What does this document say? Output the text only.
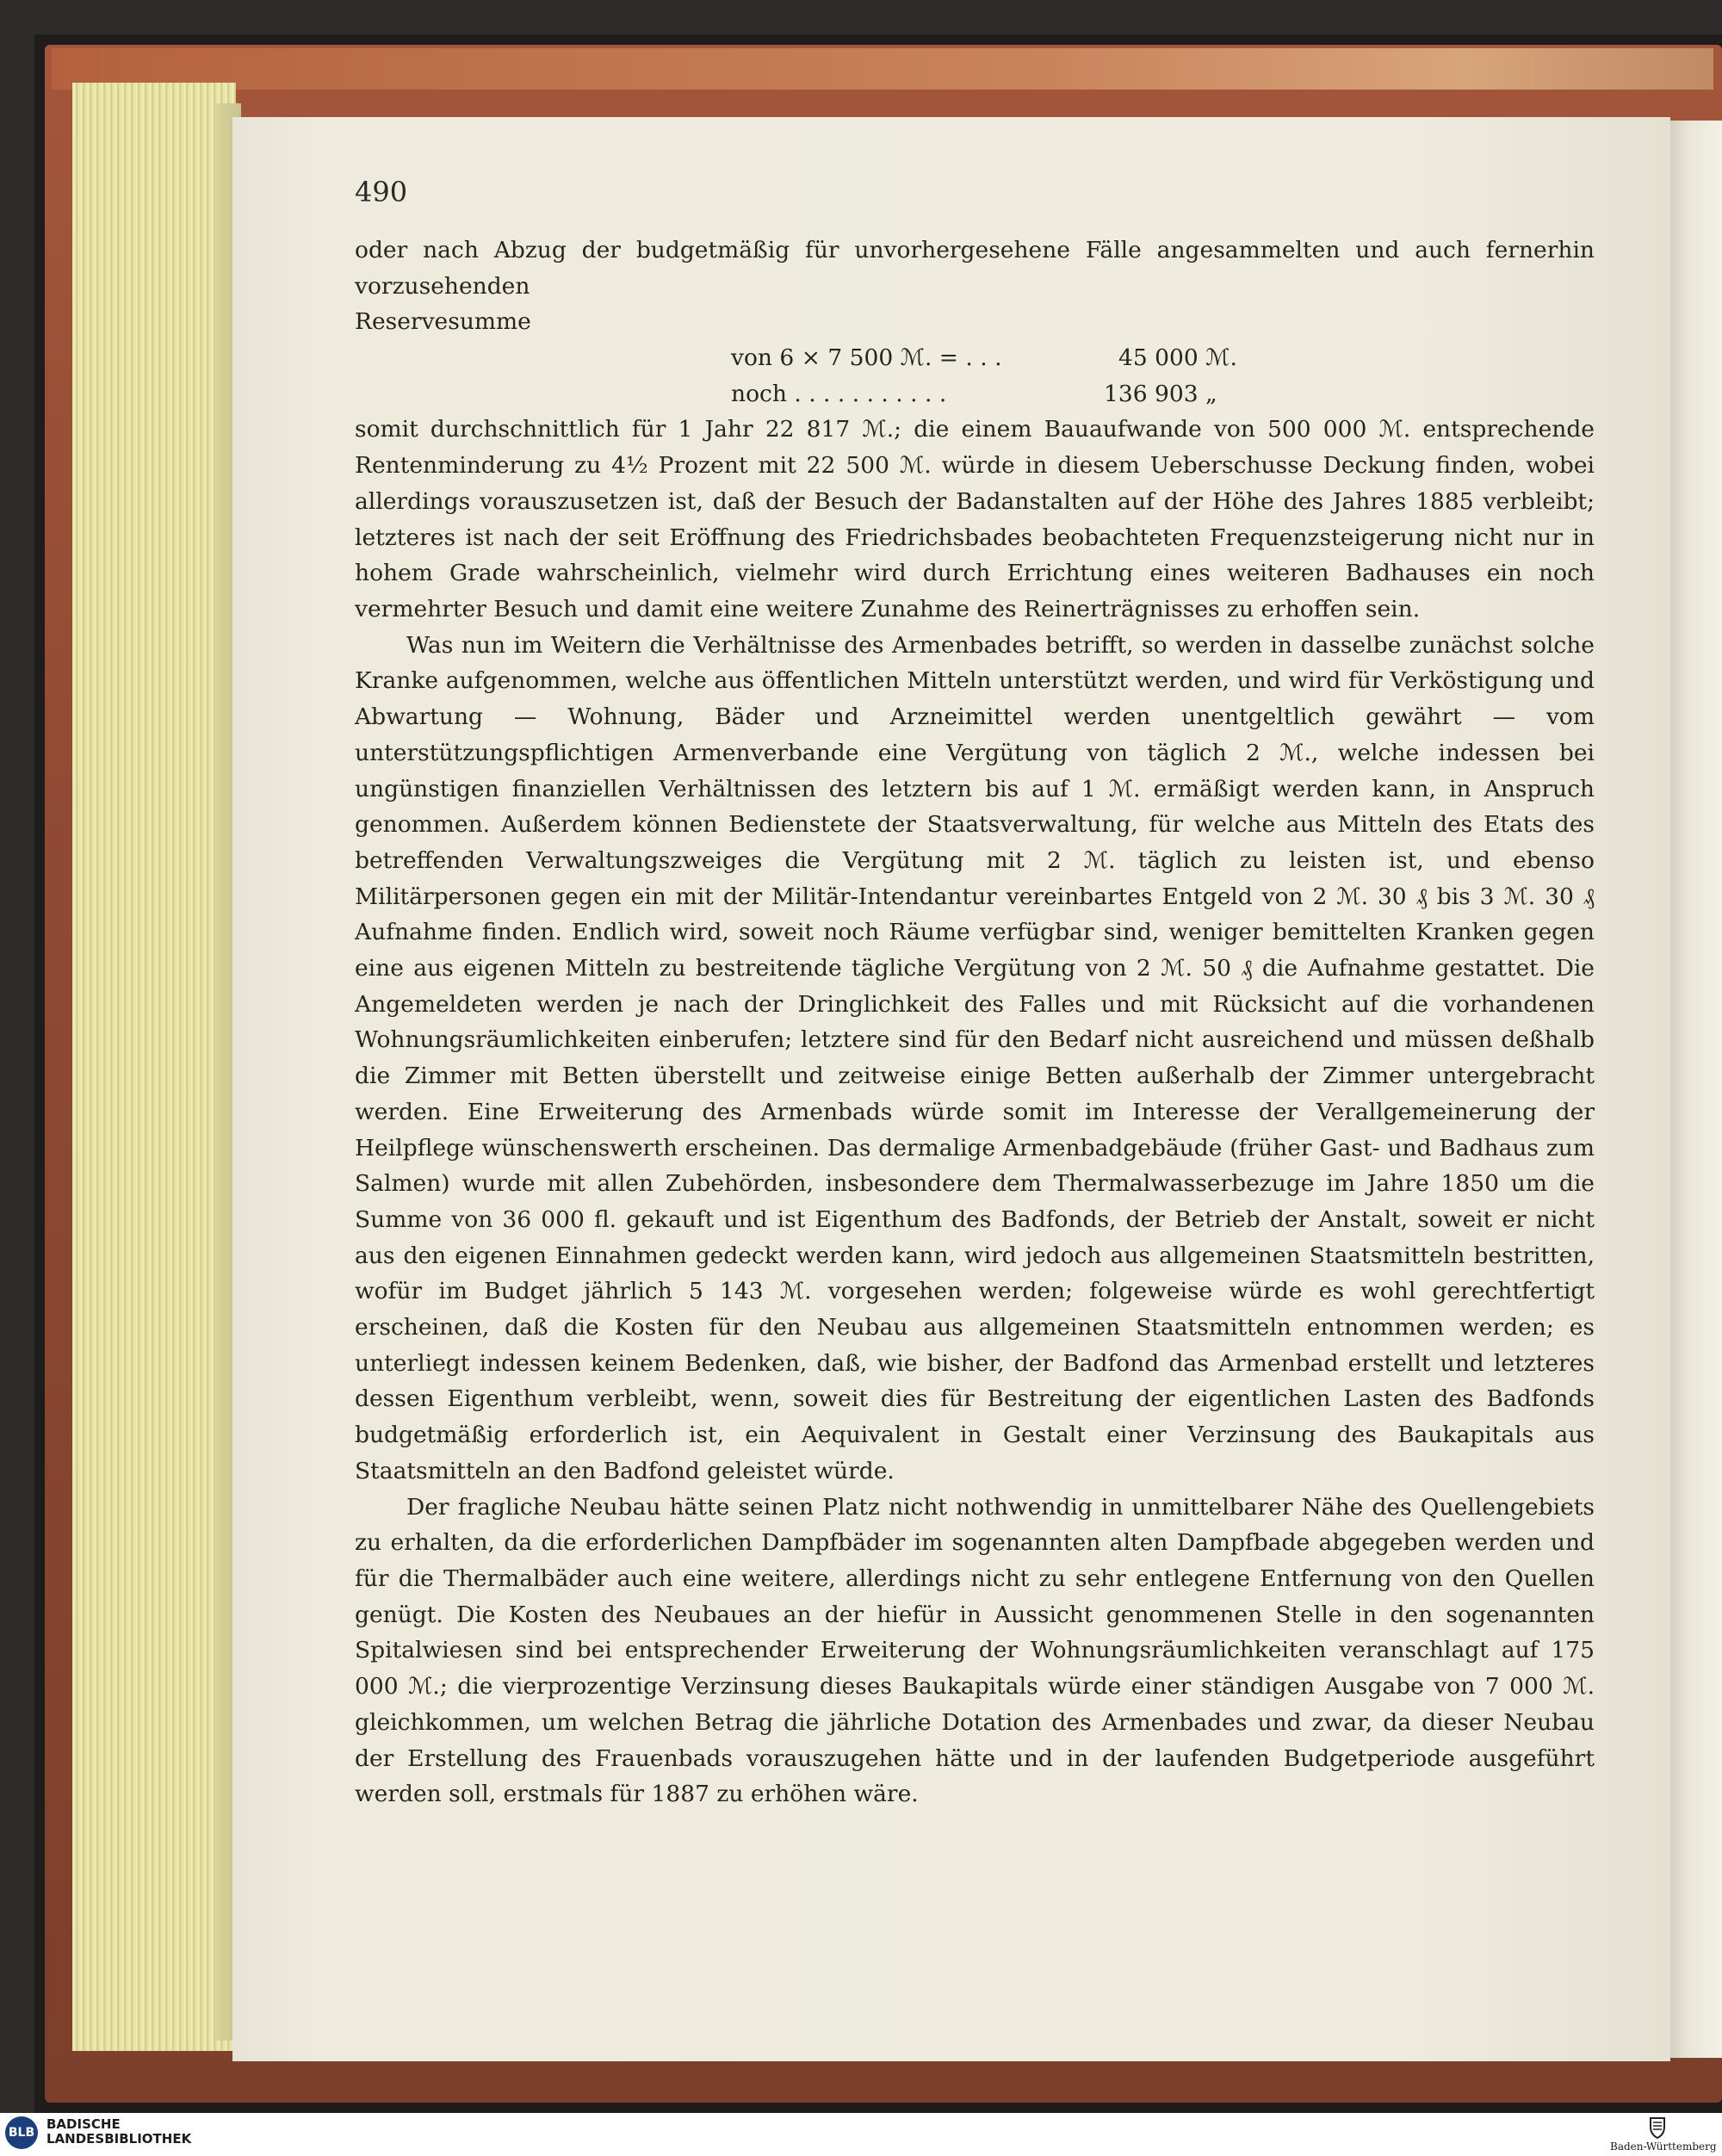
490

oder nach Abzug der budgetmäßig für unvorhergesehene Fälle angesammelten und auch fernerhin vorzusehenden

Reservesumme

von 6 × 7 500 ℳ. = . . .

	45 000 ℳ.

noch . . . . . . . . . . .

	136 903 „

somit durchschnittlich für 1 Jahr 22 817 ℳ.; die einem Bauaufwande von 500 000 ℳ. entsprechende Rentenminderung zu 4½ Prozent mit 22 500 ℳ. würde in diesem Ueberschusse Deckung finden, wobei allerdings vorauszusetzen ist, daß der Besuch der Badanstalten auf der Höhe des Jahres 1885 verbleibt; letzteres ist nach der seit Eröffnung des Friedrichsbades beobachteten Frequenzsteigerung nicht nur in hohem Grade wahrscheinlich, vielmehr wird durch Errichtung eines weiteren Badhauses ein noch vermehrter Besuch und damit eine weitere Zunahme des Reinerträgnisses zu erhoffen sein.

Was nun im Weitern die Verhältnisse des Armenbades betrifft, so werden in dasselbe zunächst solche Kranke aufgenommen, welche aus öffentlichen Mitteln unterstützt werden, und wird für Verköstigung und Abwartung — Wohnung, Bäder und Arzneimittel werden unentgeltlich gewährt — vom unterstützungspflichtigen Armenverbande eine Vergütung von täglich 2 ℳ., welche indessen bei ungünstigen finanziellen Verhältnissen des letztern bis auf 1 ℳ. ermäßigt werden kann, in Anspruch genommen. Außerdem können Bedienstete der Staatsverwaltung, für welche aus Mitteln des Etats des betreffenden Verwaltungszweiges die Vergütung mit 2 ℳ. täglich zu leisten ist, und ebenso Militärpersonen gegen ein mit der Militär-Intendantur vereinbartes Entgeld von 2 ℳ. 30 ₰ bis 3 ℳ. 30 ₰ Aufnahme finden. Endlich wird, soweit noch Räume verfügbar sind, weniger bemittelten Kranken gegen eine aus eigenen Mitteln zu bestreitende tägliche Vergütung von 2 ℳ. 50 ₰ die Aufnahme gestattet. Die Angemeldeten werden je nach der Dringlichkeit des Falles und mit Rücksicht auf die vorhandenen Wohnungsräumlichkeiten einberufen; letztere sind für den Bedarf nicht ausreichend und müssen deßhalb die Zimmer mit Betten überstellt und zeitweise einige Betten außerhalb der Zimmer untergebracht werden. Eine Erweiterung des Armenbads würde somit im Interesse der Verallgemeinerung der Heilpflege wünschenswerth erscheinen. Das dermalige Armenbadgebäude (früher Gast- und Badhaus zum Salmen) wurde mit allen Zubehörden, insbesondere dem Thermalwasserbezuge im Jahre 1850 um die Summe von 36 000 fl. gekauft und ist Eigenthum des Badfonds, der Betrieb der Anstalt, soweit er nicht aus den eigenen Einnahmen gedeckt werden kann, wird jedoch aus allgemeinen Staatsmitteln bestritten, wofür im Budget jährlich 5 143 ℳ. vorgesehen werden; folgeweise würde es wohl gerechtfertigt erscheinen, daß die Kosten für den Neubau aus allgemeinen Staatsmitteln entnommen werden; es unterliegt indessen keinem Bedenken, daß, wie bisher, der Badfond das Armenbad erstellt und letzteres dessen Eigenthum verbleibt, wenn, soweit dies für Bestreitung der eigentlichen Lasten des Badfonds budgetmäßig erforderlich ist, ein Aequivalent in Gestalt einer Verzinsung des Baukapitals aus Staatsmitteln an den Badfond geleistet würde.

Der fragliche Neubau hätte seinen Platz nicht nothwendig in unmittelbarer Nähe des Quellengebiets zu erhalten, da die erforderlichen Dampfbäder im sogenannten alten Dampfbade abgegeben werden und für die Thermalbäder auch eine weitere, allerdings nicht zu sehr entlegene Entfernung von den Quellen genügt. Die Kosten des Neubaues an der hiefür in Aussicht genommenen Stelle in den sogenannten Spitalwiesen sind bei entsprechender Erweiterung der Wohnungsräumlichkeiten veranschlagt auf 175 000 ℳ.; die vierprozentige Verzinsung dieses Baukapitals würde einer ständigen Ausgabe von 7 000 ℳ. gleichkommen, um welchen Betrag die jährliche Dotation des Armenbades und zwar, da dieser Neubau der Erstellung des Frauenbads vorauszugehen hätte und in der laufenden Budgetperiode ausgeführt werden soll, erstmals für 1887 zu erhöhen wäre.

BLB
BADISCHE
LANDESBIBLIOTHEK	Baden-Württemberg
